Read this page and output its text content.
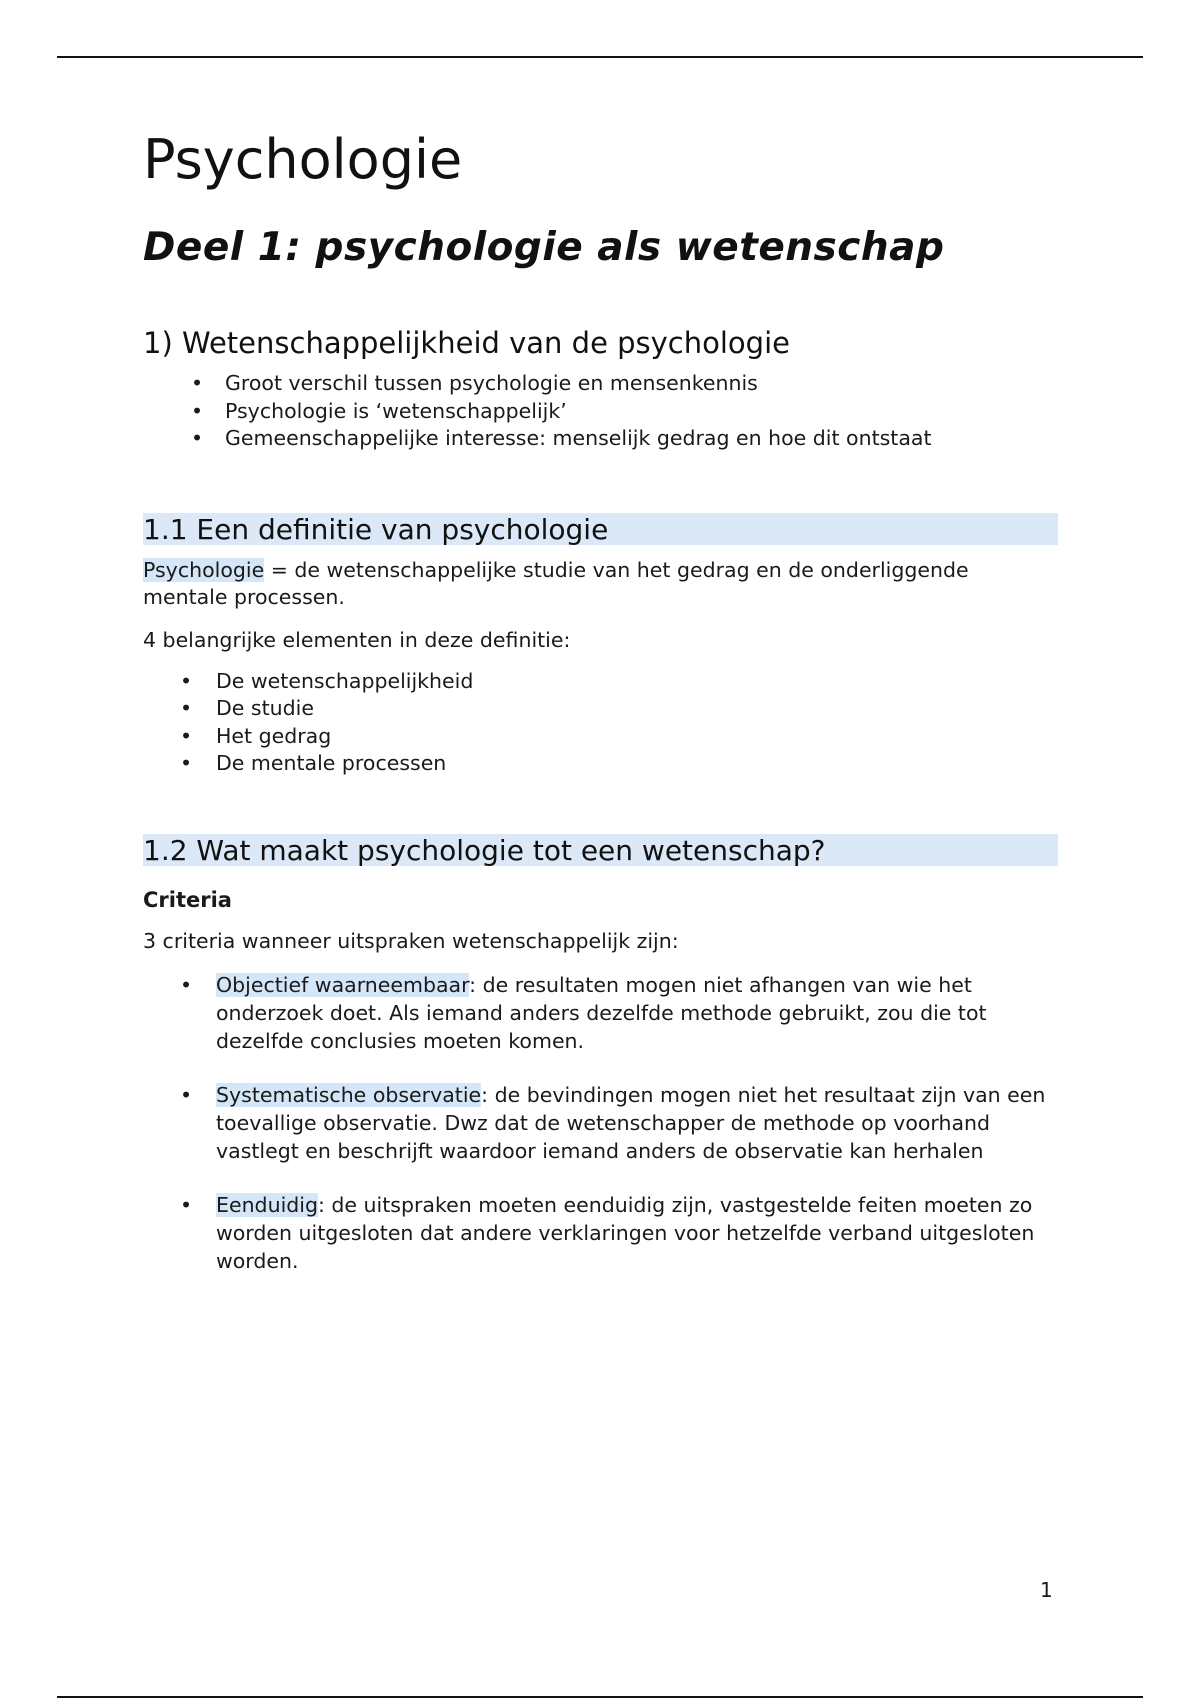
Psychologie
Deel 1: psychologie als wetenschap
1) Wetenschappelijkheid van de psychologie
• Groot verschil tussen psychologie en mensenkennis
• Psychologie is ‘wetenschappelijk’
• Gemeenschappelijke interesse: menselijk gedrag en hoe dit ontstaat
1.1 Een definitie van psychologie

Psychologie = de wetenschappelijke studie van het gedrag en de onderliggende mentale processen.

4 belangrijke elementen in deze definitie:

• De wetenschappelijkheid
• De studie
• Het gedrag
• De mentale processen
1.2 Wat maakt psychologie tot een wetenschap?
Criteria

3 criteria wanneer uitspraken wetenschappelijk zijn:

• Objectief waarneembaar: de resultaten mogen niet afhangen van wie het onderzoek doet. Als iemand anders dezelfde methode gebruikt, zou die tot dezelfde conclusies moeten komen.
• Systematische observatie: de bevindingen mogen niet het resultaat zijn van een toevallige observatie. Dwz dat de wetenschapper de methode op voorhand vastlegt en beschrijft waardoor iemand anders de observatie kan herhalen
• Eenduidig: de uitspraken moeten eenduidig zijn, vastgestelde feiten moeten zo worden uitgesloten dat andere verklaringen voor hetzelfde verband uitgesloten worden.
1
